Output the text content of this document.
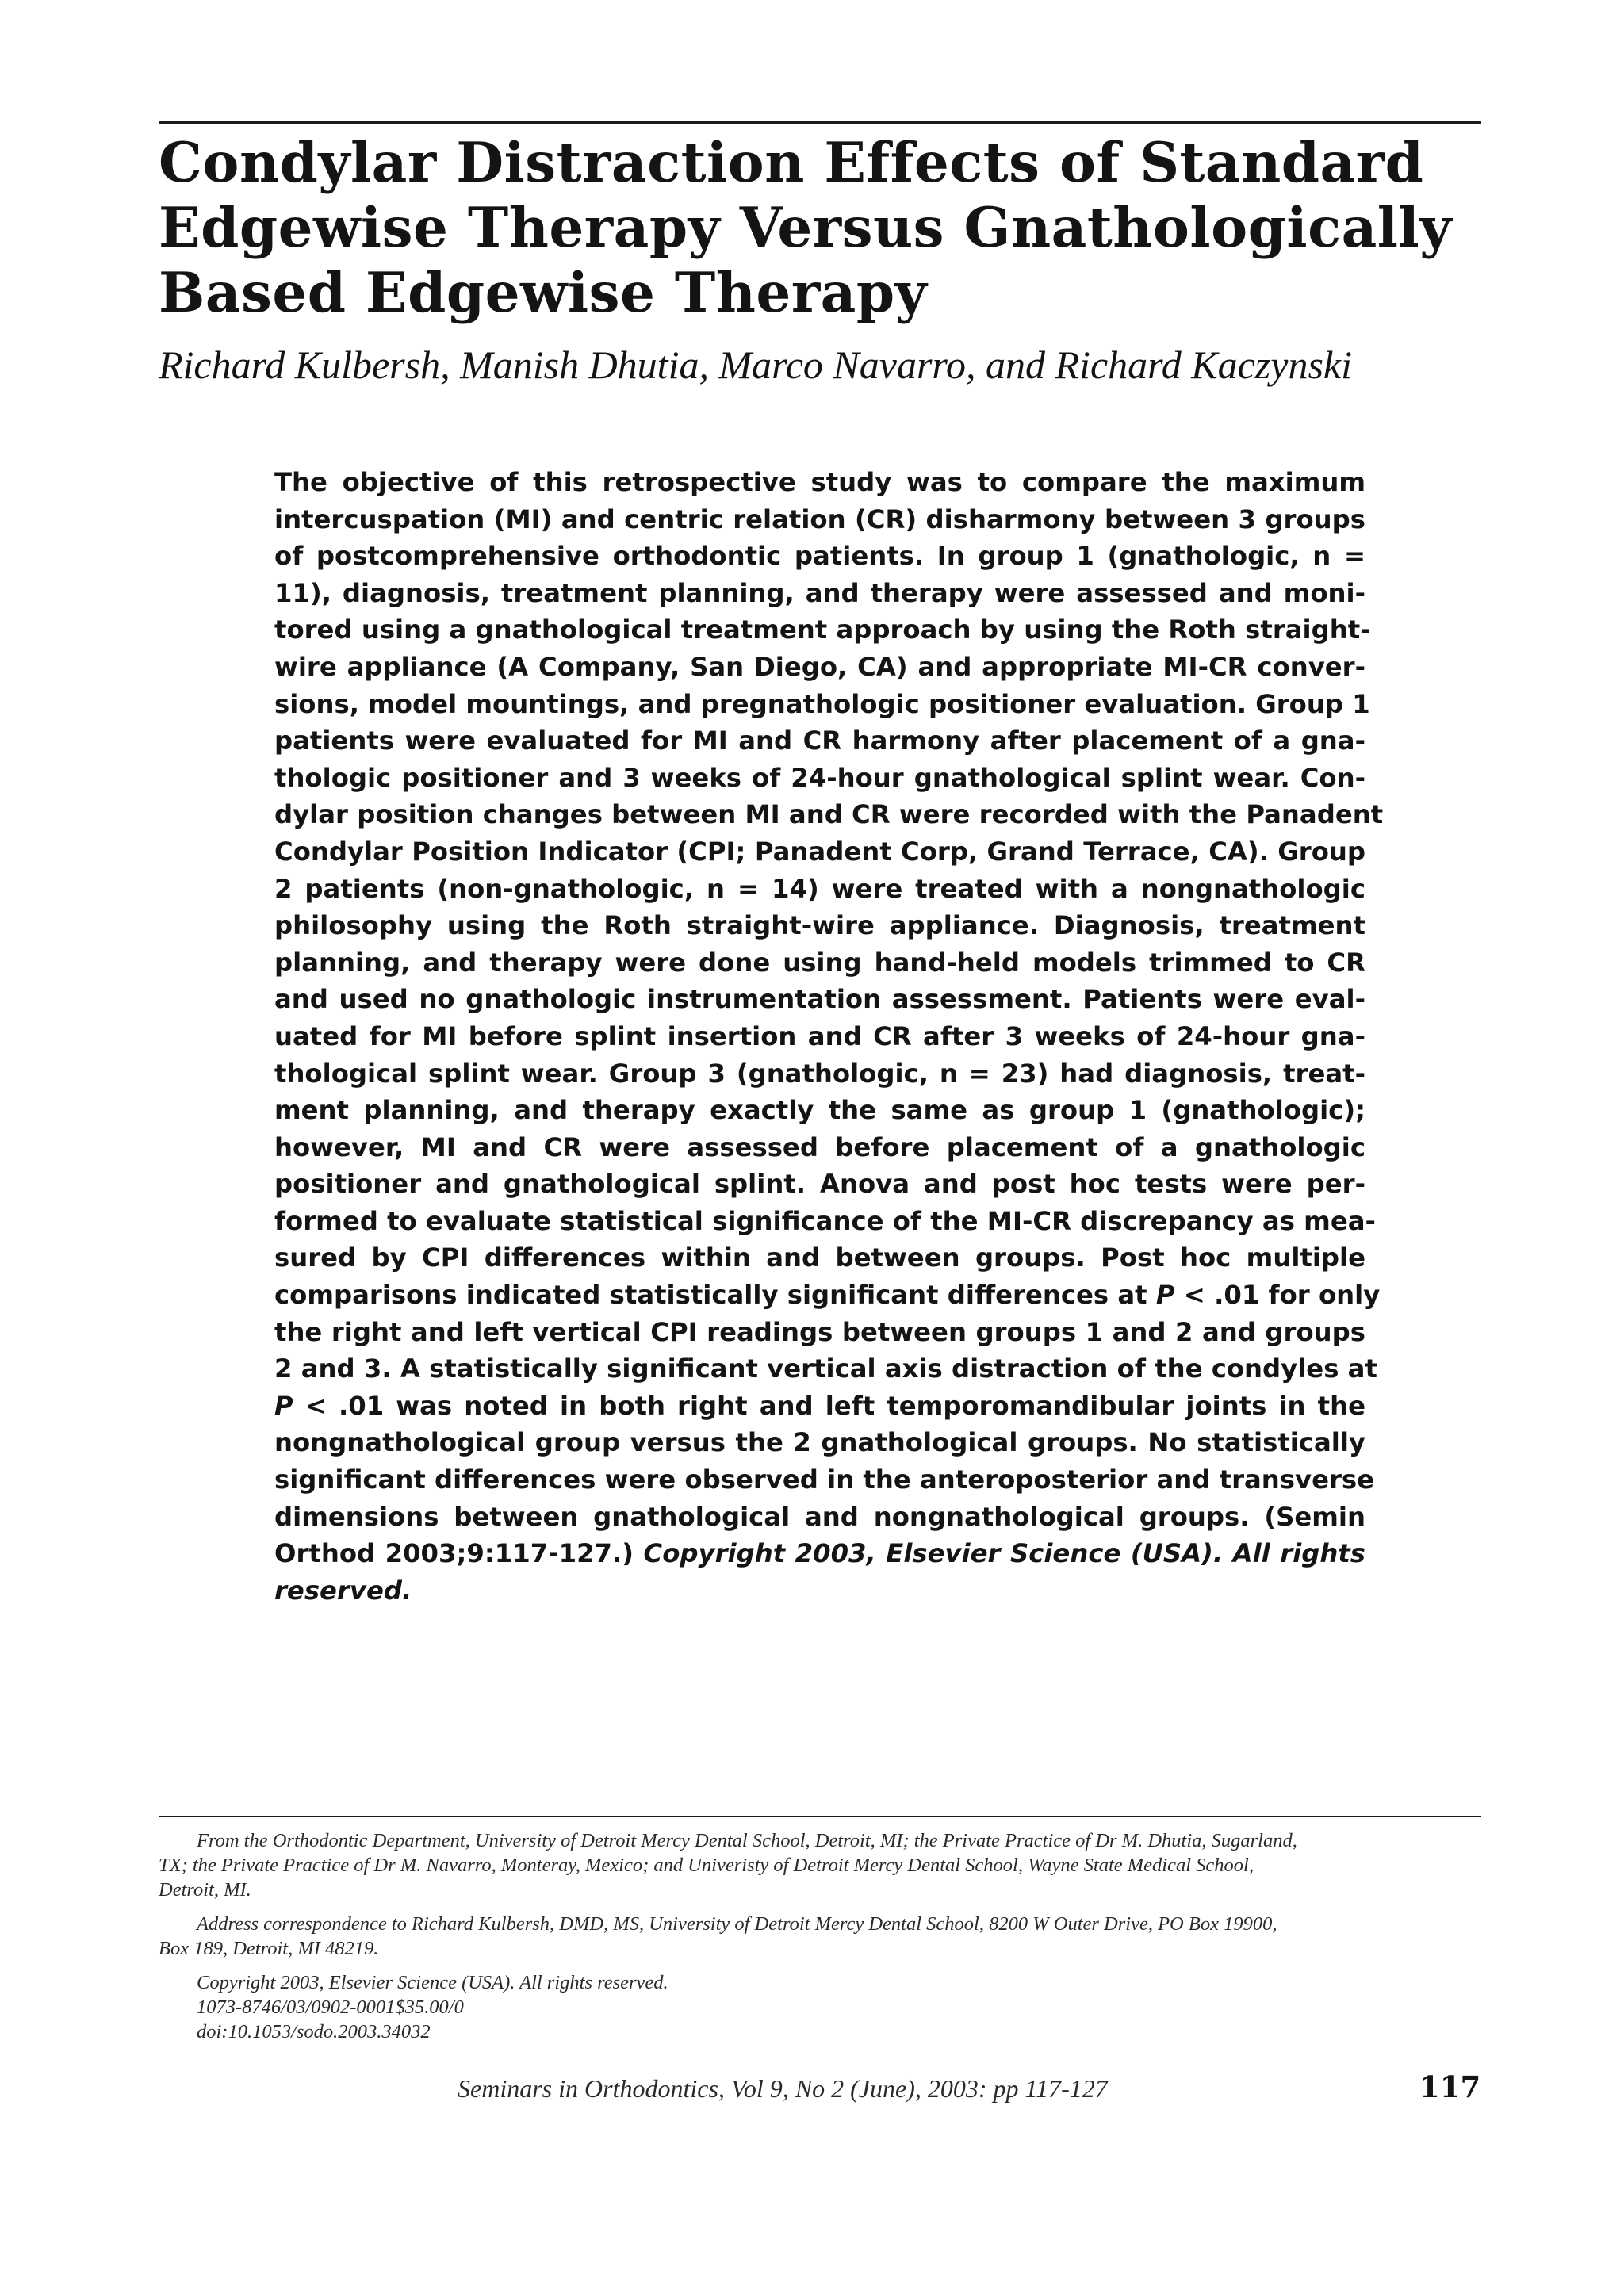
Condylar Distraction Effects of Standard
Edgewise Therapy Versus Gnathologically
Based Edgewise Therapy
Richard Kulbersh, Manish Dhutia, Marco Navarro, and Richard Kaczynski
The objective of this retrospective study was to compare the maximum
intercuspation (MI) and centric relation (CR) disharmony between 3 groups
of postcomprehensive orthodontic patients. In group 1 (gnathologic, n =
11), diagnosis, treatment planning, and therapy were assessed and moni-
tored using a gnathological treatment approach by using the Roth straight-
wire appliance (A Company, San Diego, CA) and appropriate MI-CR conver-
sions, model mountings, and pregnathologic positioner evaluation. Group 1
patients were evaluated for MI and CR harmony after placement of a gna-
thologic positioner and 3 weeks of 24-hour gnathological splint wear. Con-
dylar position changes between MI and CR were recorded with the Panadent
Condylar Position Indicator (CPI; Panadent Corp, Grand Terrace, CA). Group
2 patients (non-gnathologic, n = 14) were treated with a nongnathologic
philosophy using the Roth straight-wire appliance. Diagnosis, treatment
planning, and therapy were done using hand-held models trimmed to CR
and used no gnathologic instrumentation assessment. Patients were eval-
uated for MI before splint insertion and CR after 3 weeks of 24-hour gna-
thological splint wear. Group 3 (gnathologic, n = 23) had diagnosis, treat-
ment planning, and therapy exactly the same as group 1 (gnathologic);
however, MI and CR were assessed before placement of a gnathologic
positioner and gnathological splint. Anova and post hoc tests were per-
formed to evaluate statistical significance of the MI-CR discrepancy as mea-
sured by CPI differences within and between groups. Post hoc multiple
comparisons indicated statistically significant differences at P < .01 for only
the right and left vertical CPI readings between groups 1 and 2 and groups
2 and 3. A statistically significant vertical axis distraction of the condyles at
P < .01 was noted in both right and left temporomandibular joints in the
nongnathological group versus the 2 gnathological groups. No statistically
significant differences were observed in the anteroposterior and transverse
dimensions between gnathological and nongnathological groups. (Semin
Orthod 2003;9:117-127.) Copyright 2003, Elsevier Science (USA). All rights
reserved.
From the Orthodontic Department, University of Detroit Mercy Dental School, Detroit, MI; the Private Practice of Dr M. Dhutia, Sugarland,
TX; the Private Practice of Dr M. Navarro, Monteray, Mexico; and Univeristy of Detroit Mercy Dental School, Wayne State Medical School,
Detroit, MI.
Address correspondence to Richard Kulbersh, DMD, MS, University of Detroit Mercy Dental School, 8200 W Outer Drive, PO Box 19900,
Box 189, Detroit, MI 48219.
Copyright 2003, Elsevier Science (USA). All rights reserved.
1073-8746/03/0902-0001$35.00/0
doi:10.1053/sodo.2003.34032
Seminars in Orthodontics, Vol 9, No 2 (June), 2003: pp 117-127	117
